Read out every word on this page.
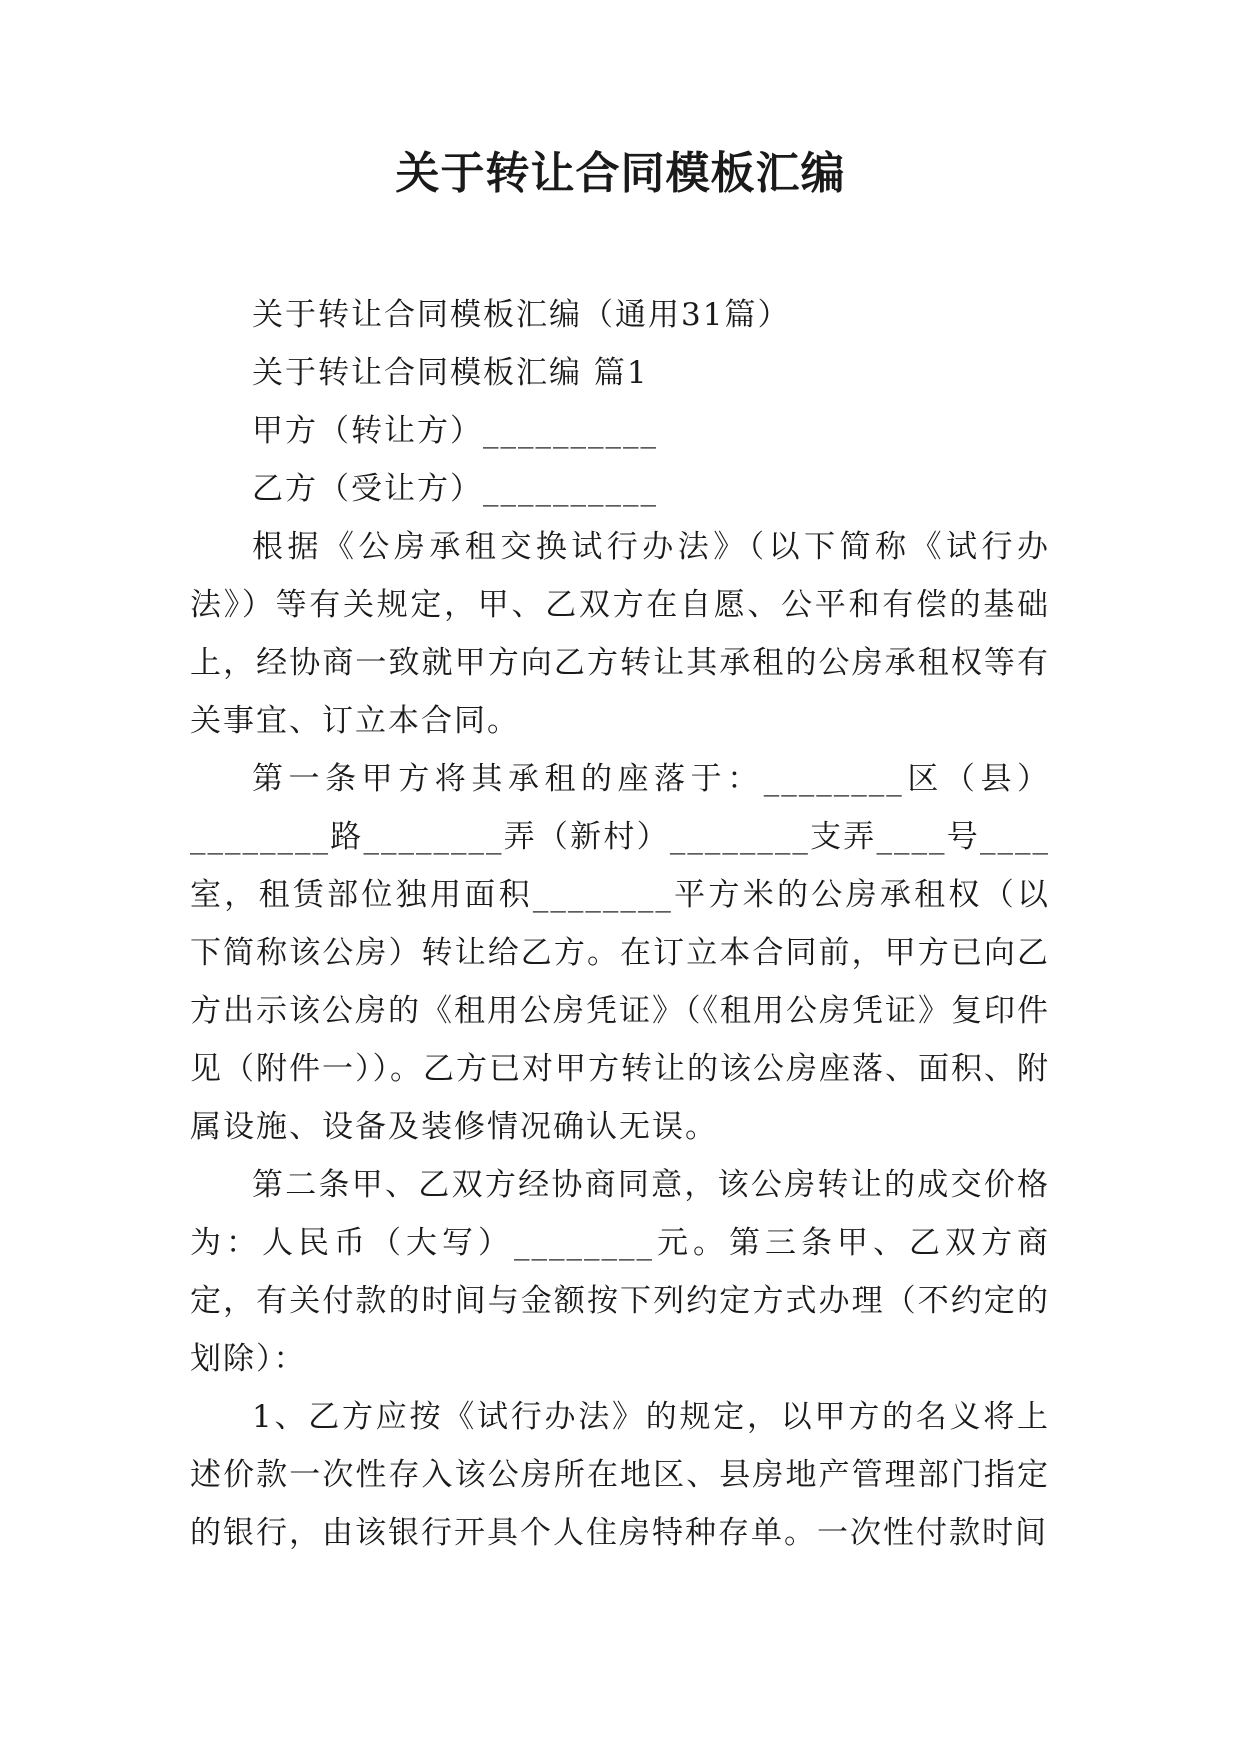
关于转让合同模板汇编

关于转让合同模板汇编（通用31篇）

关于转让合同模板汇编 篇1

甲方（转让方）__________

乙方（受让方）__________

根据《公房承租交换试行办法》（以下简称《试行办法》）等有关规定，甲、乙双方在自愿、公平和有偿的基础上，经协商一致就甲方向乙方转让其承租的公房承租权等有关事宜、订立本合同。

第一条甲方将其承租的座落于：________区（县）________路________弄（新村）________支弄____号____室，租赁部位独用面积________平方米的公房承租权（以下简称该公房）转让给乙方。在订立本合同前，甲方已向乙方出示该公房的《租用公房凭证》（《租用公房凭证》复印件见（附件一））。乙方已对甲方转让的该公房座落、面积、附属设施、设备及装修情况确认无误。

第二条甲、乙双方经协商同意，该公房转让的成交价格为：人民币（大写）________元。第三条甲、乙双方商定，有关付款的时间与金额按下列约定方式办理（不约定的划除）：

1、乙方应按《试行办法》的规定，以甲方的名义将上述价款一次性存入该公房所在地区、县房地产管理部门指定的银行，由该银行开具个人住房特种存单。一次性付款时间
